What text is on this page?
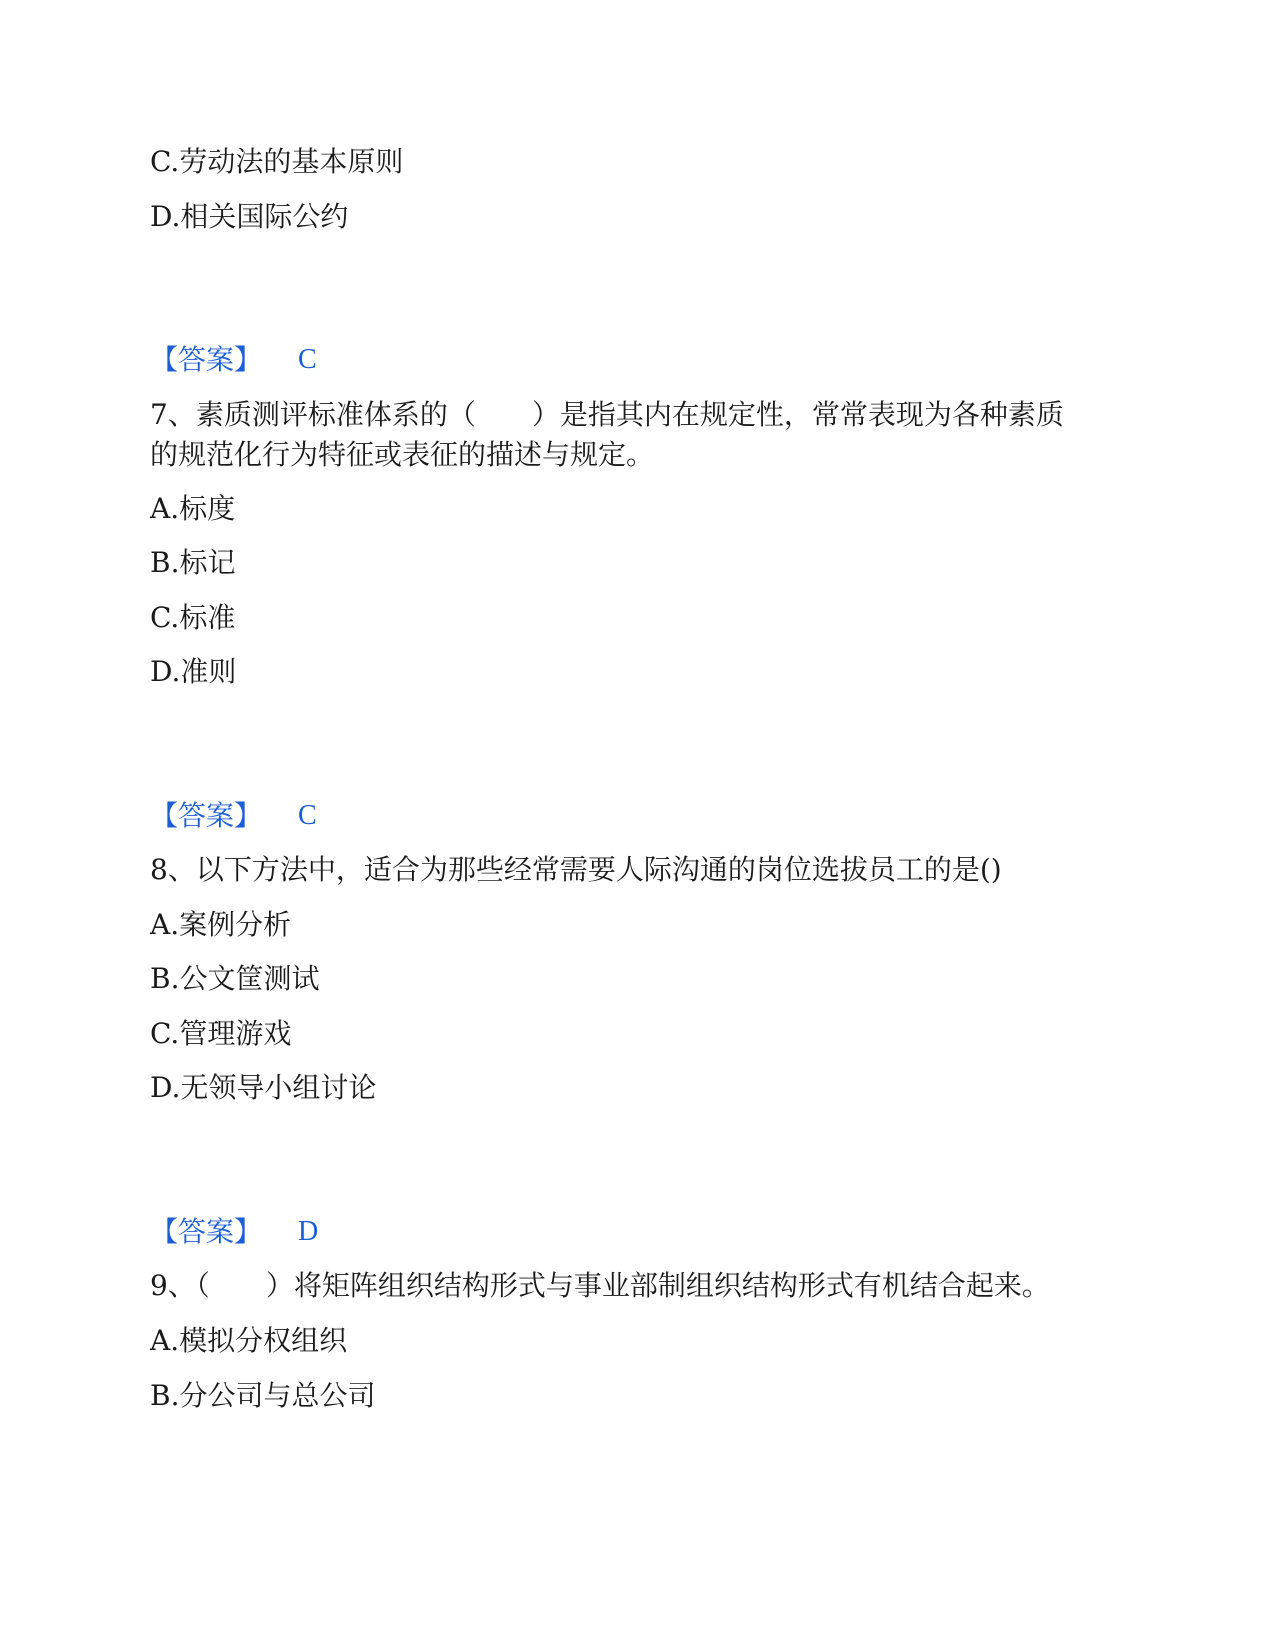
C.劳动法的基本原则
D.相关国际公约
【答案】 C
7、素质测评标准体系的（　　）是指其内在规定性，常常表现为各种素质
的规范化行为特征或表征的描述与规定。
A.标度
B.标记
C.标准
D.准则
【答案】 C
8、以下方法中，适合为那些经常需要人际沟通的岗位选拔员工的是()
A.案例分析
B.公文筐测试
C.管理游戏
D.无领导小组讨论
【答案】 D
9、（　　）将矩阵组织结构形式与事业部制组织结构形式有机结合起来。
A.模拟分权组织
B.分公司与总公司
